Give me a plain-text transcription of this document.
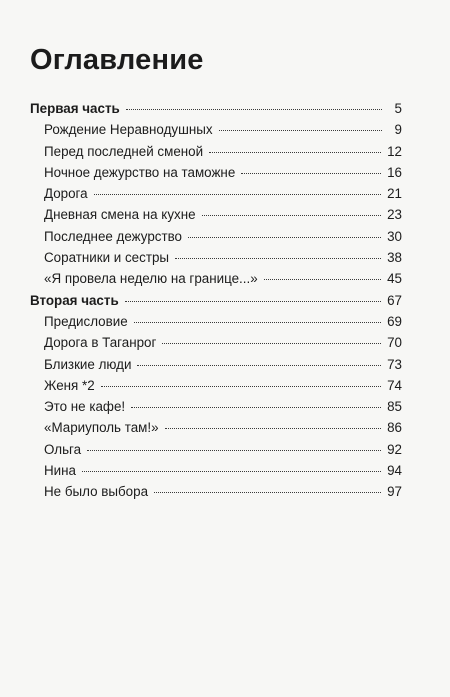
Оглавление
Первая часть	5
Рождение Неравнодушных	9
Перед последней сменой	12
Ночное дежурство на таможне	16
Дорога	21
Дневная смена на кухне	23
Последнее дежурство	30
Соратники и сестры	38
«Я провела неделю на границе...»	45
Вторая часть	67
Предисловие	69
Дорога в Таганрог	70
Близкие люди	73
Женя *2	74
Это не кафе!	85
«Мариуполь там!»	86
Ольга	92
Нина	94
Не было выбора	97
